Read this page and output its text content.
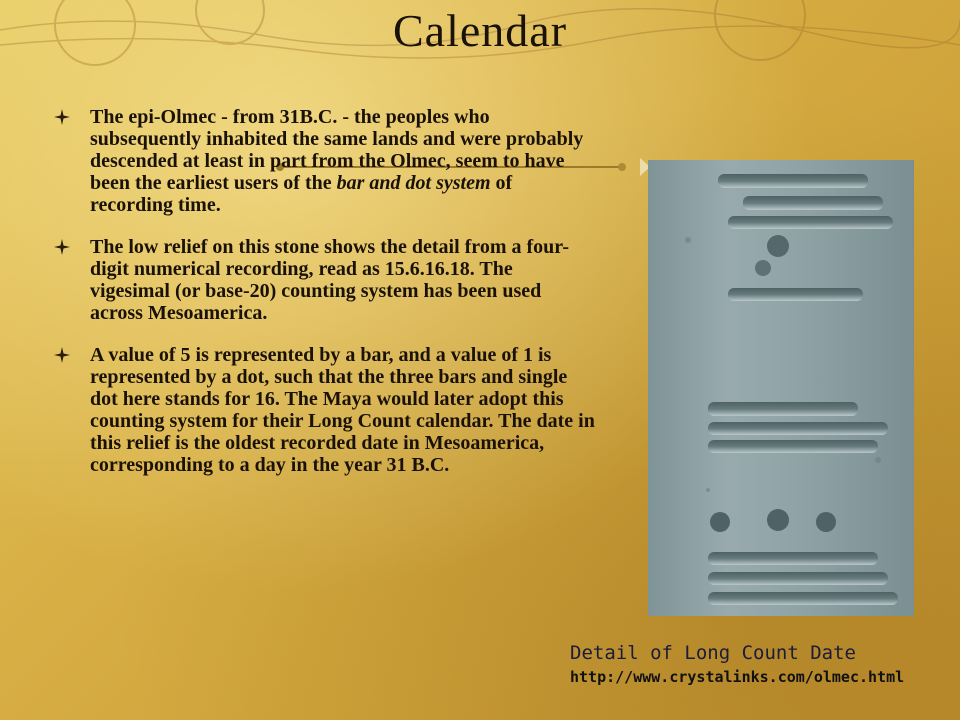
Calendar
The epi-Olmec - from 31B.C. - the peoples who subsequently inhabited the same lands and were probably descended at least in part from the Olmec, seem to have been the earliest users of the bar and dot system of recording time.
The low relief on this stone shows the detail from a four-digit numerical recording, read as 15.6.16.18. The vigesimal (or base-20) counting system has been used across Mesoamerica.
A value of 5 is represented by a bar, and a value of 1 is represented by a dot, such that the three bars and single dot here stands for 16. The Maya would later adopt this counting system for their Long Count calendar. The date in this relief is the oldest recorded date in Mesoamerica, corresponding to a day in the year 31 B.C.
Detail of Long Count Date
http://www.crystalinks.com/olmec.html
